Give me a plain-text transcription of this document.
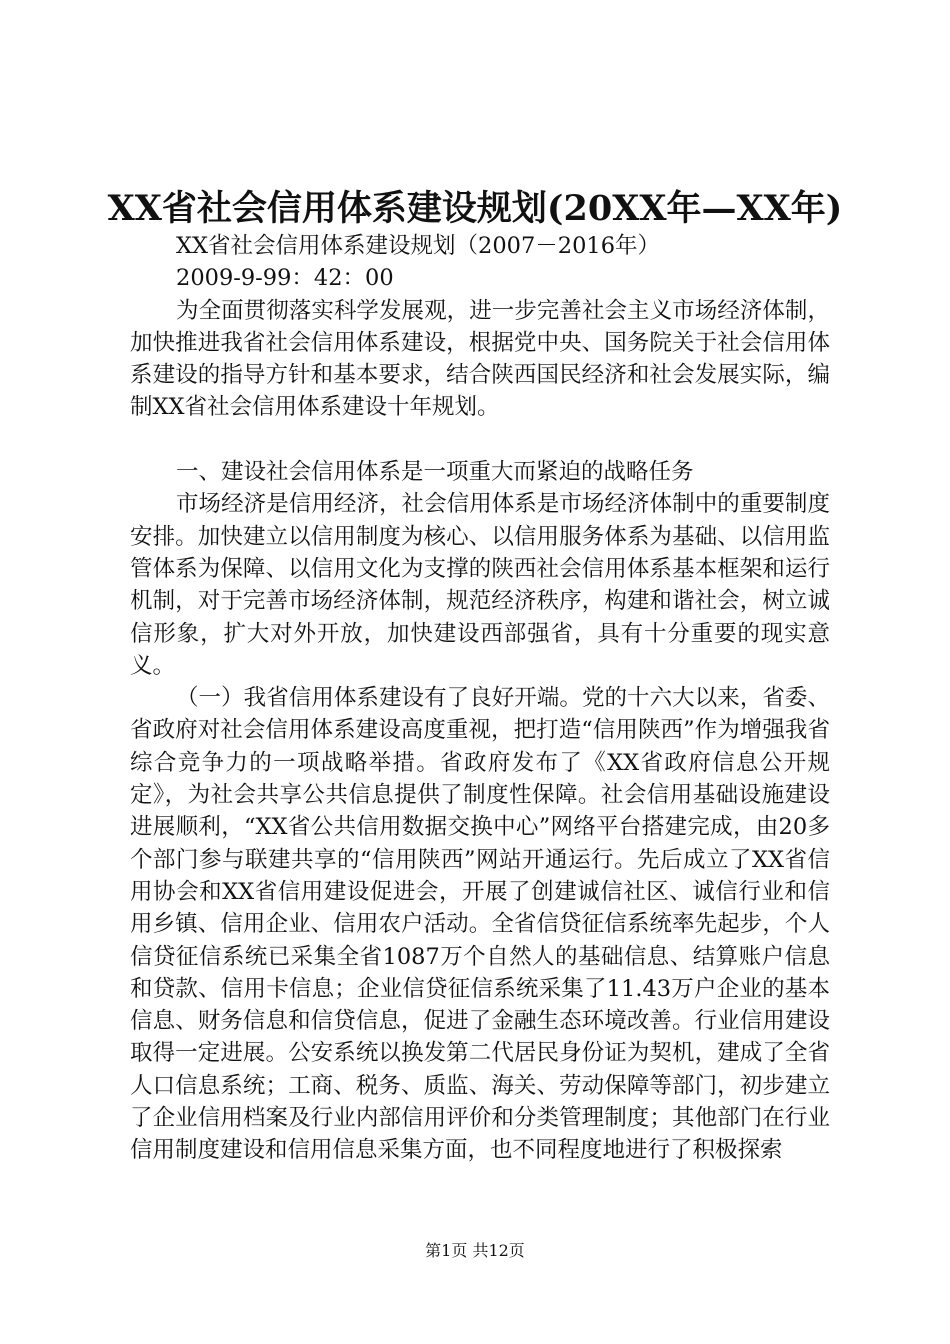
XX省社会信用体系建设规划(20XX年—XX年)

XX省社会信用体系建设规划（2007－2016年）

2009-9-99：42：00

为全面贯彻落实科学发展观，进一步完善社会主义市场经济体制，加快推进我省社会信用体系建设，根据党中央、国务院关于社会信用体系建设的指导方针和基本要求，结合陕西国民经济和社会发展实际，编制XX省社会信用体系建设十年规划。

一、建设社会信用体系是一项重大而紧迫的战略任务

市场经济是信用经济，社会信用体系是市场经济体制中的重要制度安排。加快建立以信用制度为核心、以信用服务体系为基础、以信用监管体系为保障、以信用文化为支撑的陕西社会信用体系基本框架和运行机制，对于完善市场经济体制，规范经济秩序，构建和谐社会，树立诚信形象，扩大对外开放，加快建设西部强省，具有十分重要的现实意义。

（一）我省信用体系建设有了良好开端。党的十六大以来，省委、省政府对社会信用体系建设高度重视，把打造“信用陕西”作为增强我省综合竞争力的一项战略举措。省政府发布了《XX省政府信息公开规定》，为社会共享公共信息提供了制度性保障。社会信用基础设施建设进展顺利，“XX省公共信用数据交换中心”网络平台搭建完成，由20多个部门参与联建共享的“信用陕西”网站开通运行。先后成立了XX省信用协会和XX省信用建设促进会，开展了创建诚信社区、诚信行业和信用乡镇、信用企业、信用农户活动。全省信贷征信系统率先起步，个人信贷征信系统已采集全省1087万个自然人的基础信息、结算账户信息和贷款、信用卡信息；企业信贷征信系统采集了11.43万户企业的基本信息、财务信息和信贷信息，促进了金融生态环境改善。行业信用建设取得一定进展。公安系统以换发第二代居民身份证为契机，建成了全省人口信息系统；工商、税务、质监、海关、劳动保障等部门，初步建立了企业信用档案及行业内部信用评价和分类管理制度；其他部门在行业信用制度建设和信用信息采集方面，也不同程度地进行了积极探索

第1页 共12页
